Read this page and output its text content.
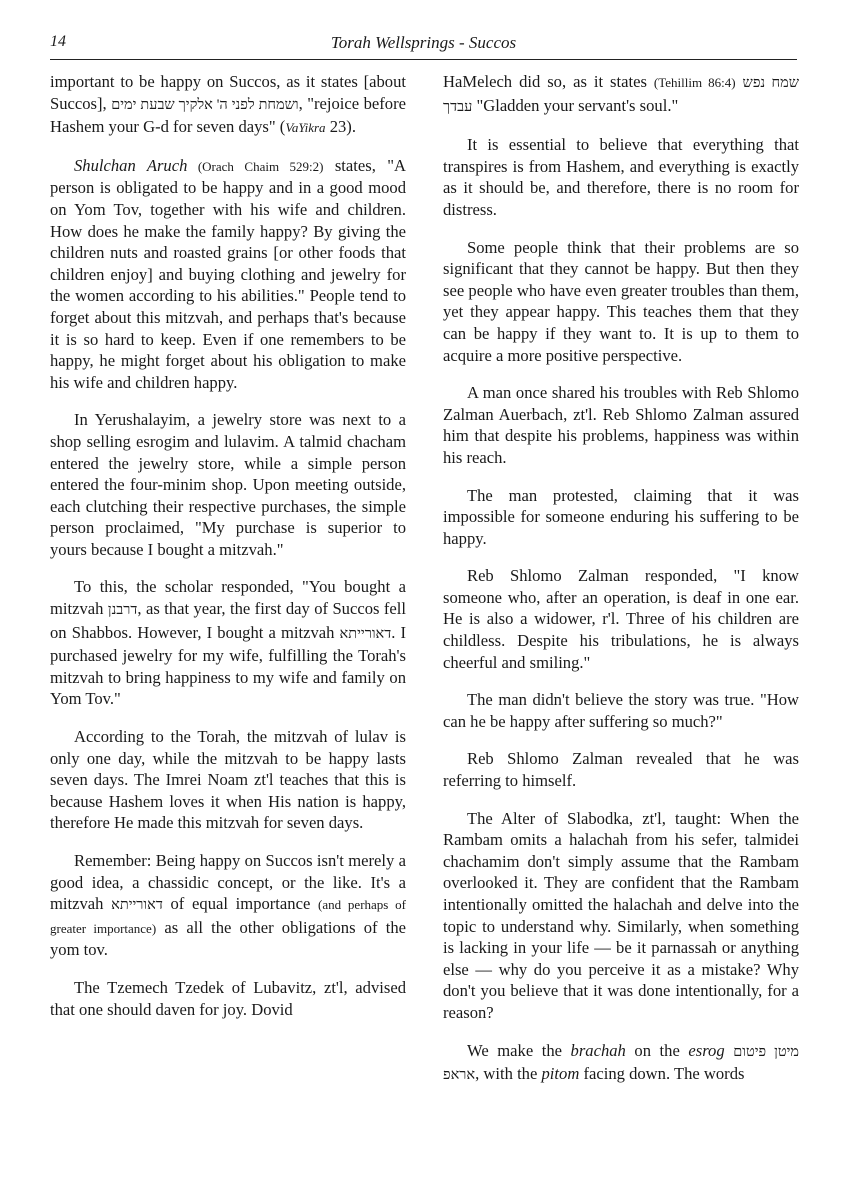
14	Torah Wellsprings - Succos

important to be happy on Succos, as it states [about Succos], ושמחת לפני ה' אלקיך שבעת ימים, "rejoice before Hashem your G-d for seven days" (VaYikra 23).

Shulchan Aruch (Orach Chaim 529:2) states, "A person is obligated to be happy and in a good mood on Yom Tov, together with his wife and children. How does he make the family happy? By giving the children nuts and roasted grains [or other foods that children enjoy] and buying clothing and jewelry for the women according to his abilities." People tend to forget about this mitzvah, and perhaps that's because it is so hard to keep. Even if one remembers to be happy, he might forget about his obligation to make his wife and children happy.

In Yerushalayim, a jewelry store was next to a shop selling esrogim and lulavim. A talmid chacham entered the jewelry store, while a simple person entered the four-minim shop. Upon meeting outside, each clutching their respective purchases, the simple person proclaimed, "My purchase is superior to yours because I bought a mitzvah."

To this, the scholar responded, "You bought a mitzvah דרבנן, as that year, the first day of Succos fell on Shabbos. However, I bought a mitzvah דאורייתא. I purchased jewelry for my wife, fulfilling the Torah's mitzvah to bring happiness to my wife and family on Yom Tov."

According to the Torah, the mitzvah of lulav is only one day, while the mitzvah to be happy lasts seven days. The Imrei Noam zt'l teaches that this is because Hashem loves it when His nation is happy, therefore He made this mitzvah for seven days.

Remember: Being happy on Succos isn't merely a good idea, a chassidic concept, or the like. It's a mitzvah דאורייתא of equal importance (and perhaps of greater importance) as all the other obligations of the yom tov.

The Tzemech Tzedek of Lubavitz, zt'l, advised that one should daven for joy. Dovid

HaMelech did so, as it states (Tehillim 86:4) שמח נפש עבדך "Gladden your servant's soul."

It is essential to believe that everything that transpires is from Hashem, and everything is exactly as it should be, and therefore, there is no room for distress.

Some people think that their problems are so significant that they cannot be happy. But then they see people who have even greater troubles than them, yet they appear happy. This teaches them that they can be happy if they want to. It is up to them to acquire a more positive perspective.

A man once shared his troubles with Reb Shlomo Zalman Auerbach, zt'l. Reb Shlomo Zalman assured him that despite his problems, happiness was within his reach.

The man protested, claiming that it was impossible for someone enduring his suffering to be happy.

Reb Shlomo Zalman responded, "I know someone who, after an operation, is deaf in one ear. He is also a widower, r'l. Three of his children are childless. Despite his tribulations, he is always cheerful and smiling."

The man didn't believe the story was true. "How can he be happy after suffering so much?"

Reb Shlomo Zalman revealed that he was referring to himself.

The Alter of Slabodka, zt'l, taught: When the Rambam omits a halachah from his sefer, talmidei chachamim don't simply assume that the Rambam overlooked it. They are confident that the Rambam intentionally omitted the halachah and delve into the topic to understand why. Similarly, when something is lacking in your life — be it parnassah or anything else — why do you perceive it as a mistake? Why don't you believe that it was done intentionally, for a reason?

We make the brachah on the esrog מיטן פיטום אראפ, with the pitom facing down. The words
